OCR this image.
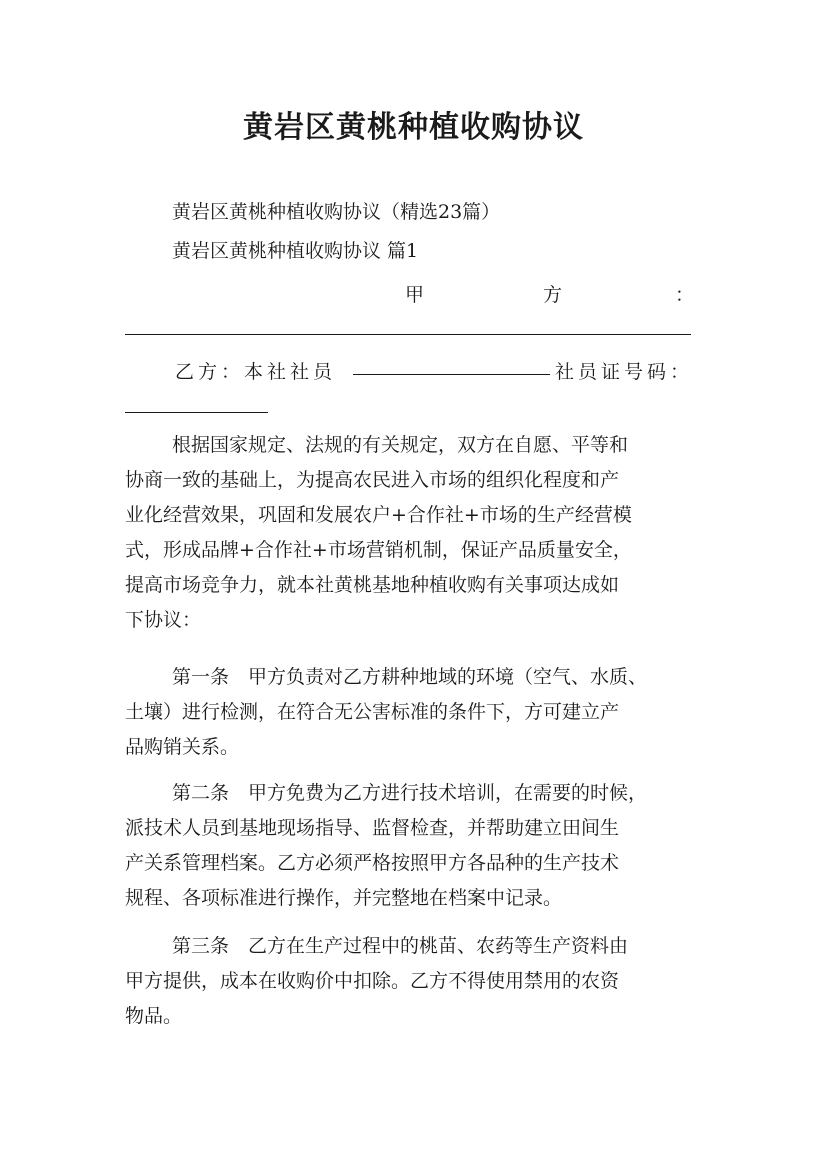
黄岩区黄桃种植收购协议

黄岩区黄桃种植收购协议（精选23篇）

黄岩区黄桃种植收购协议 篇1

甲	方	：
乙方：本社社员	社员证号码：
根据国家规定、法规的有关规定，双方在自愿、平等和
协商一致的基础上，为提高农民进入市场的组织化程度和产
业化经营效果，巩固和发展农户+合作社+市场的生产经营模
式，形成品牌+合作社+市场营销机制，保证产品质量安全，
提高市场竞争力，就本社黄桃基地种植收购有关事项达成如
下协议：
第一条　甲方负责对乙方耕种地域的环境（空气、水质、
土壤）进行检测，在符合无公害标准的条件下，方可建立产
品购销关系。
第二条　甲方免费为乙方进行技术培训，在需要的时候，
派技术人员到基地现场指导、监督检查，并帮助建立田间生
产关系管理档案。乙方必须严格按照甲方各品种的生产技术
规程、各项标准进行操作，并完整地在档案中记录。
第三条　乙方在生产过程中的桃苗、农药等生产资料由
甲方提供，成本在收购价中扣除。乙方不得使用禁用的农资
物品。
